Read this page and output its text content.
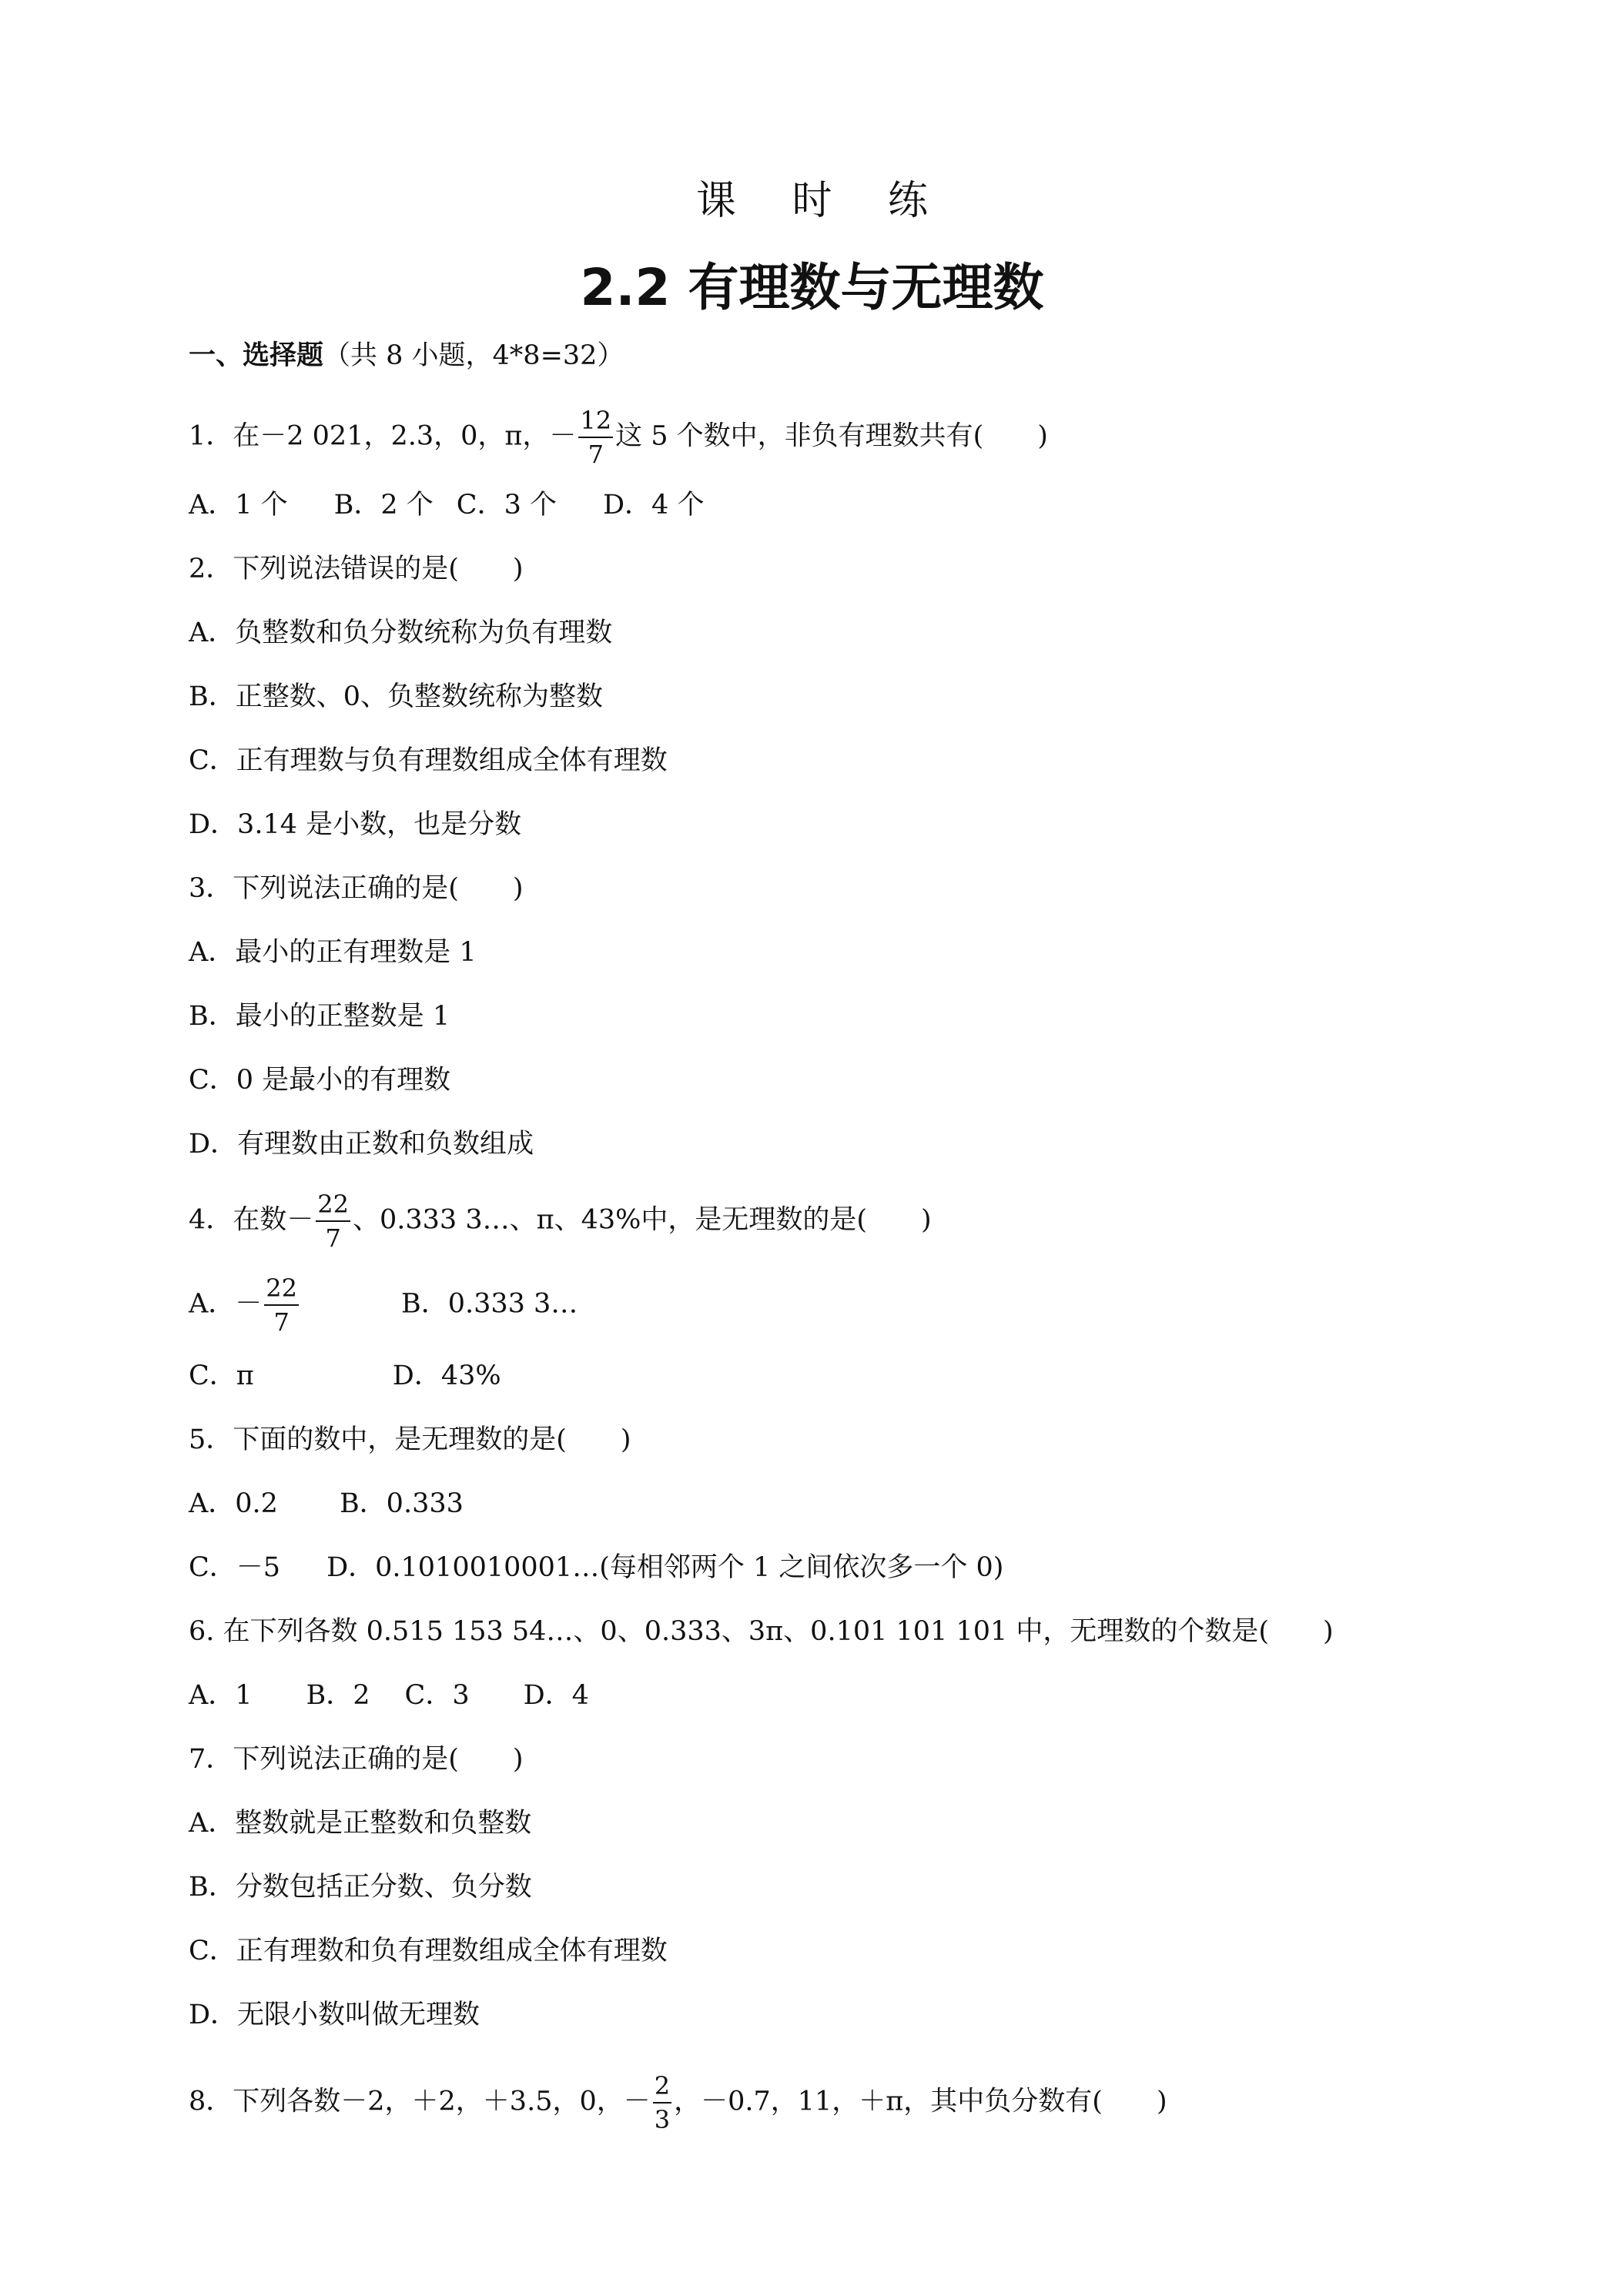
课 时 练
2.2 有理数与无理数
一、选择题（共 8 小题，4*8=32）
1．在－2 021，2.3，0，π，－ $\frac{12}{7}$ 这 5 个数中，非负有理数共有(　　)
A．1 个 B．2 个 C．3 个 D．4 个
2．下列说法错误的是(　　)
A．负整数和负分数统称为负有理数
B．正整数、0、负整数统称为整数
C．正有理数与负有理数组成全体有理数
D．3.14 是小数，也是分数
3．下列说法正确的是(　　)
A．最小的正有理数是 1
B．最小的正整数是 1
C．0 是最小的有理数
D．有理数由正数和负数组成
4．在数－ $\frac{22}{7}$ 、0.333 3…、π、43%中，是无理数的是(　　)
A．－ $\frac{22}{7}$	B．0.333 3…
C．π	D．43%
5．下面的数中，是无理数的是(　　)
A．0.2 B．0.333
C．－5 D．0.1010010001…(每相邻两个 1 之间依次多一个 0)
6. 在下列各数 0.515 153 54…、0、0.333、3π、0.101 101 101 中，无理数的个数是(　　)
A．1 B．2 C．3 D．4
7．下列说法正确的是(　　)
A．整数就是正整数和负整数
B．分数包括正分数、负分数
C．正有理数和负有理数组成全体有理数
D．无限小数叫做无理数
8．下列各数－2，＋2，＋3.5，0，－ $\frac{2}{3}$ ，－0.7，11，＋π，其中负分数有(　　)
